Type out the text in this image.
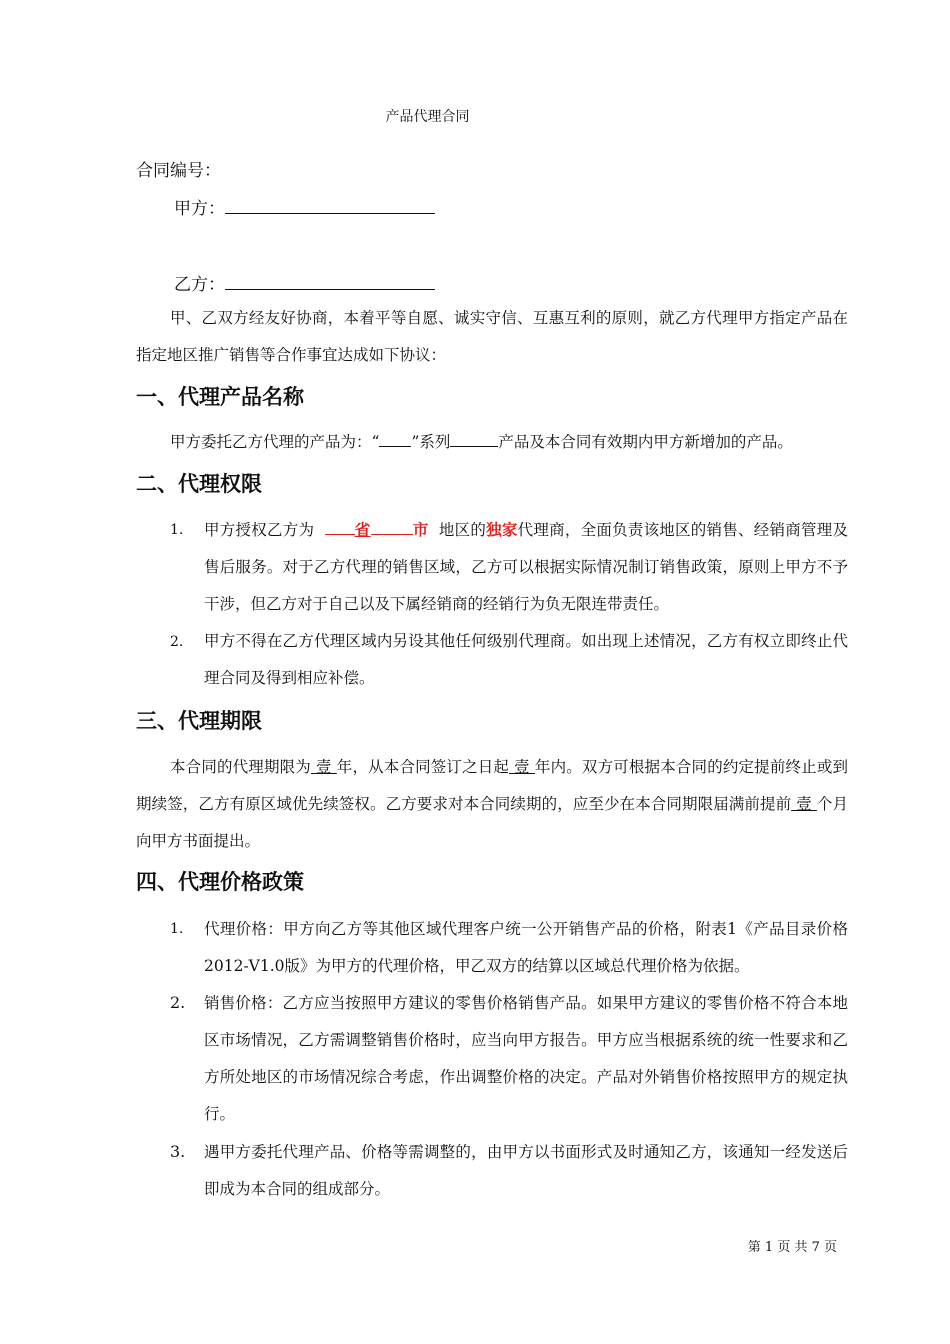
产品代理合同
合同编号：
甲方：
乙方：
甲、乙双方经友好协商，本着平等自愿、诚实守信、互惠互利的原则，就乙方代理甲方指定产品在指定地区推广销售等合作事宜达成如下协议：
一、代理产品名称
甲方委托乙方代理的产品为：“ ”系列	产品及本合同有效期内甲方新增加的产品。
二、代理权限
1. 甲方授权乙方为	省	市 地区的独家代理商，全面负责该地区的销售、经销商管理及售后服务。对于乙方代理的销售区域，乙方可以根据实际情况制订销售政策，原则上甲方不予干涉，但乙方对于自己以及下属经销商的经销行为负无限连带责任。
2. 甲方不得在乙方代理区域内另设其他任何级别代理商。如出现上述情况，乙方有权立即终止代理合同及得到相应补偿。
三、代理期限
本合同的代理期限为 壹 年，从本合同签订之日起 壹 年内。双方可根据本合同的约定提前终止或到期续签，乙方有原区域优先续签权。乙方要求对本合同续期的，应至少在本合同期限届满前提前 壹 个月向甲方书面提出。
四、代理价格政策
1. 代理价格：甲方向乙方等其他区域代理客户统一公开销售产品的价格，附表1《产品目录价格 2012-V1.0版》为甲方的代理价格，甲乙双方的结算以区域总代理价格为依据。
2. 销售价格：乙方应当按照甲方建议的零售价格销售产品。如果甲方建议的零售价格不符合本地区市场情况，乙方需调整销售价格时，应当向甲方报告。甲方应当根据系统的统一性要求和乙方所处地区的市场情况综合考虑，作出调整价格的决定。产品对外销售价格按照甲方的规定执行。
3. 遇甲方委托代理产品、价格等需调整的，由甲方以书面形式及时通知乙方，该通知一经发送后即成为本合同的组成部分。
第 1 页 共 7 页
